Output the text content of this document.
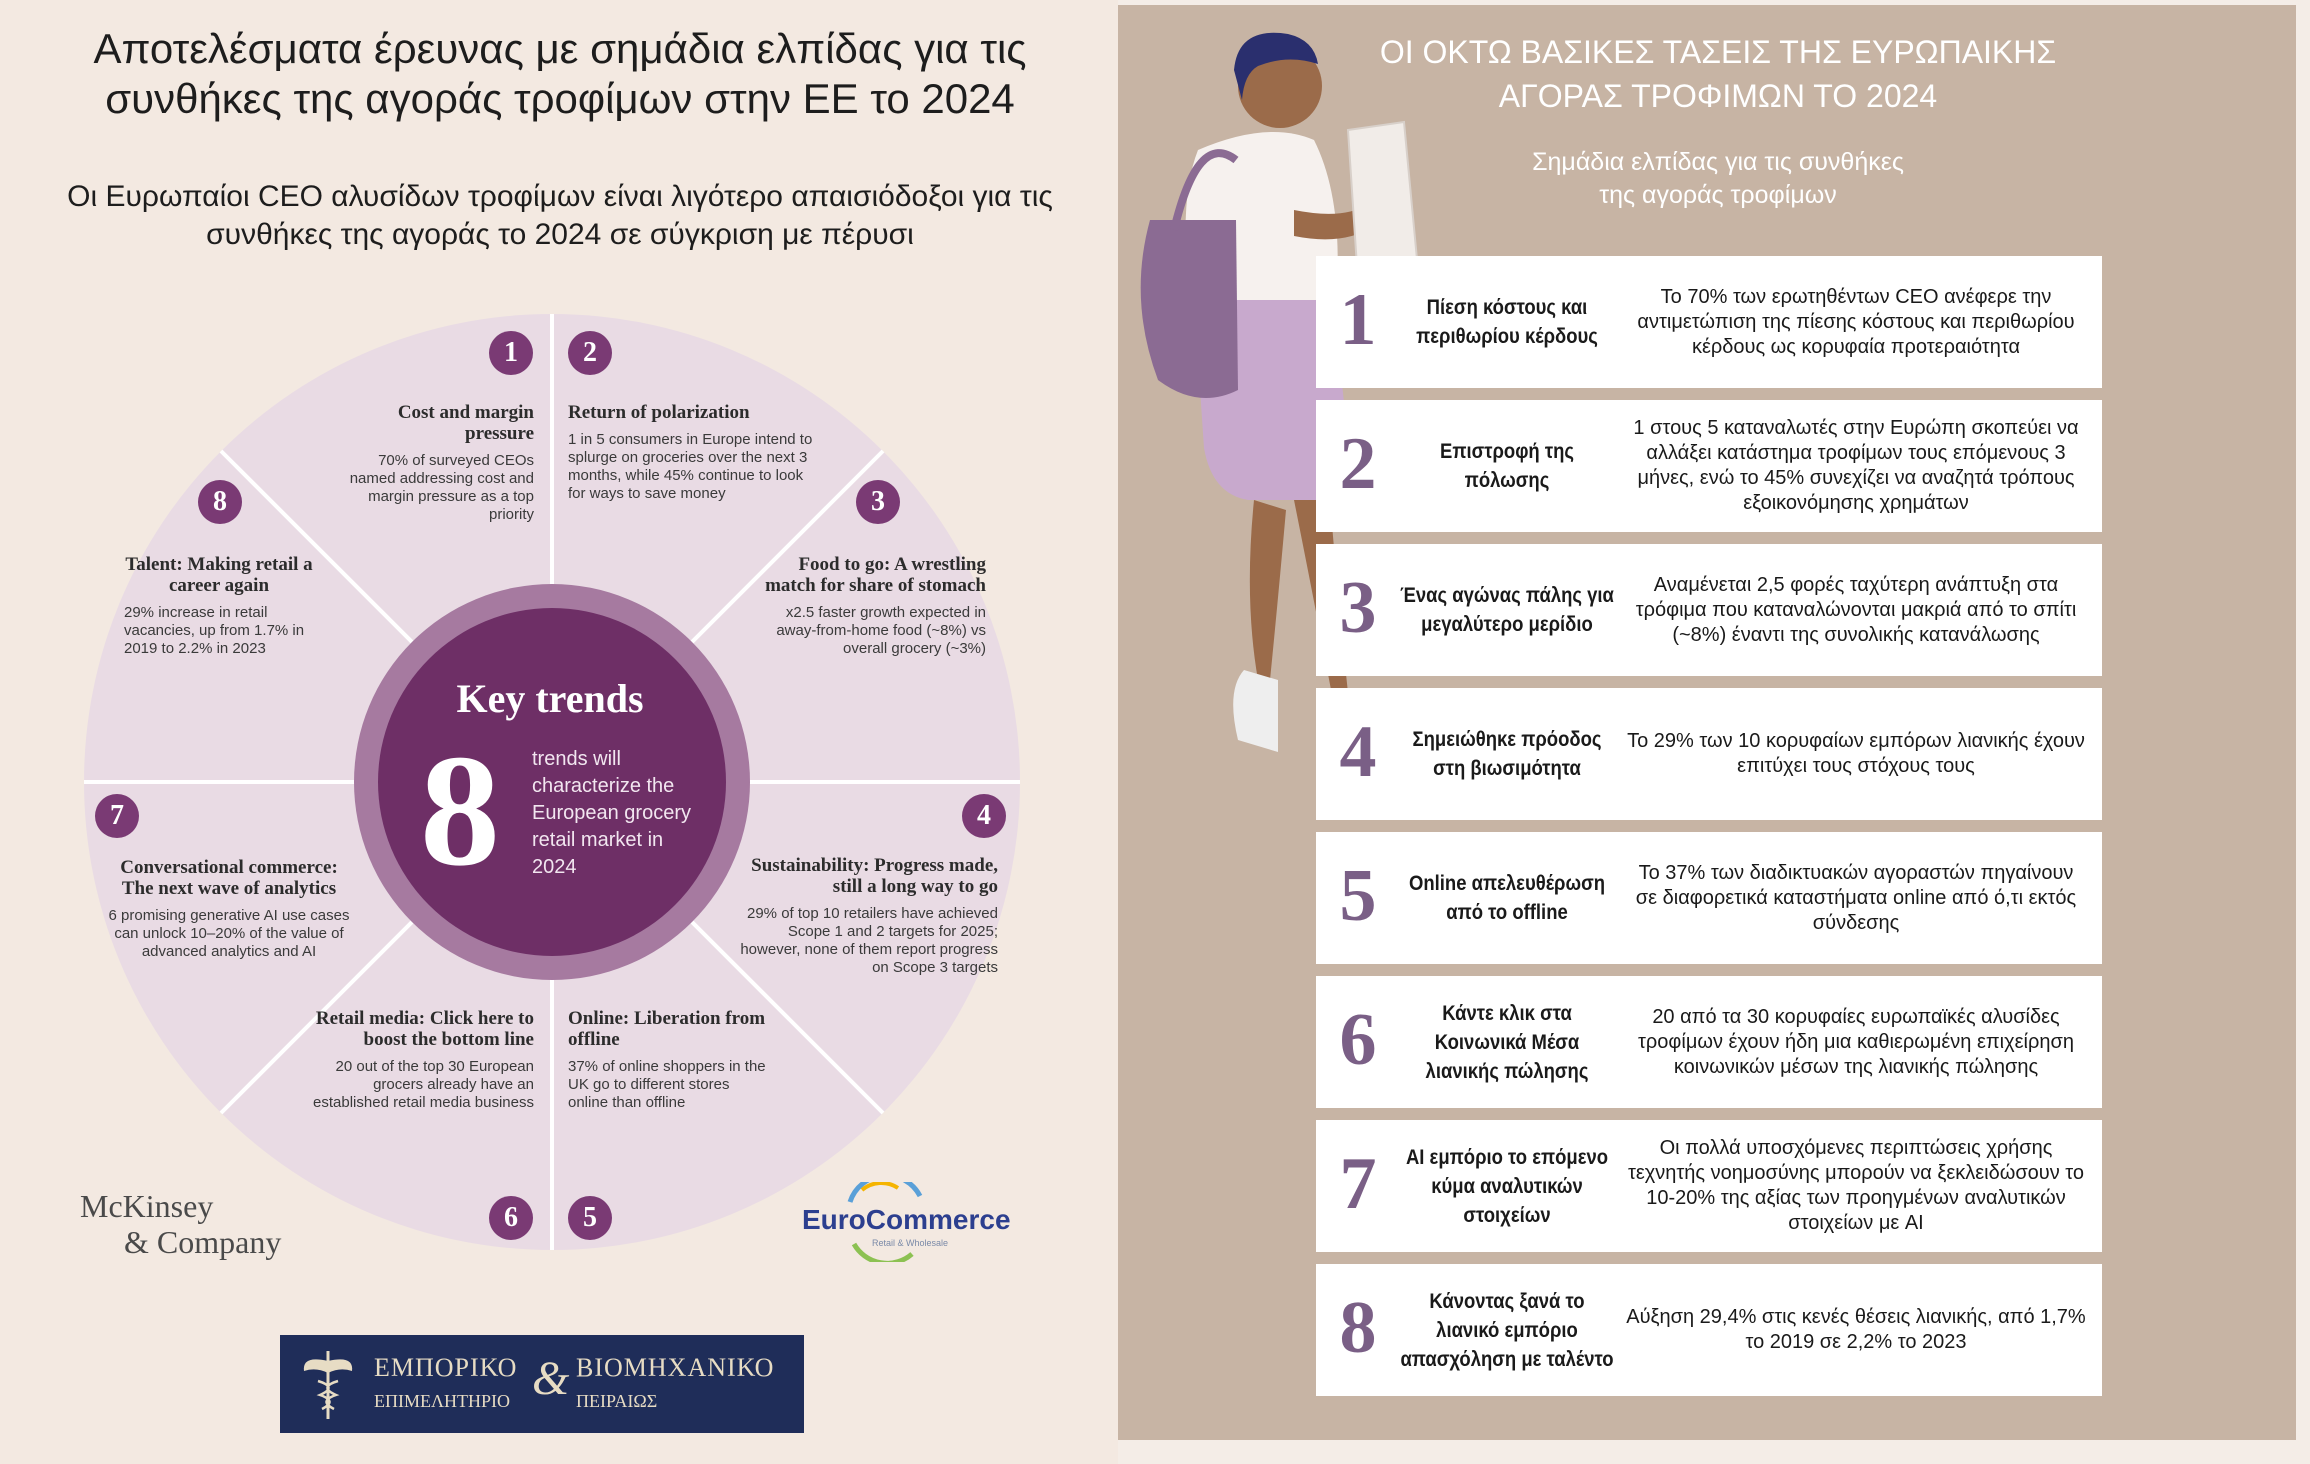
Αποτελέσματα έρευνας με σημάδια ελπίδας για τις συνθήκες της αγοράς τροφίμων στην ΕΕ το 2024
Οι Ευρωπαίοι CEO αλυσίδων τροφίμων είναι λιγότερο απαισιόδοξοι για τις συνθήκες της αγοράς το 2024 σε σύγκριση με πέρυσι
Key trends
8 trends will characterize the European grocery retail market in 2024
1	2
3
4
5
6
7
8
Cost and margin pressure
70% of surveyed CEOs named addressing cost and margin pressure as a top priority
Return of polarization
1 in 5 consumers in Europe intend to splurge on groceries over the next 3 months, while 45% continue to look for ways to save money
Food to go: A wrestling match for share of stomach
x2.5 faster growth expected in away-from-home food (~8%) vs overall grocery (~3%)
Sustainability: Progress made, still a long way to go
29% of top 10 retailers have achieved Scope 1 and 2 targets for 2025; however, none of them report progress on Scope 3 targets
Online: Liberation from offline
37% of online shoppers in the UK go to different stores online than offline
Retail media: Click here to boost the bottom line
20 out of the top 30 European grocers already have an established retail media business
Conversational commerce: The next wave of analytics
6 promising generative AI use cases can unlock 10–20% of the value of advanced analytics and AI
Talent: Making retail a career again
29% increase in retail vacancies, up from 1.7% in 2019 to 2.2% in 2023
McKinsey
& Company
EuroCommerce
Retail & Wholesale
ΕΜΠΟΡΙΚΟ
ΕΠΙΜΕΛΗΤΗΡΙΟ & ΒΙΟΜΗΧΑΝΙΚΟ
ΠΕΙΡΑΙΩΣ
ΟΙ ΟΚΤΩ ΒΑΣΙΚΕΣ ΤΑΣΕΙΣ ΤΗΣ ΕΥΡΩΠΑΙΚΗΣ
ΑΓΟΡΑΣ ΤΡΟΦΙΜΩΝ ΤΟ 2024
Σημάδια ελπίδας για τις συνθήκες
της αγοράς τροφίμων
1	Πίεση κόστους και περιθωρίου κέρδους
Το 70% των ερωτηθέντων CEO ανέφερε την αντιμετώπιση της πίεσης κόστους και περιθωρίου κέρδους ως κορυφαία προτεραιότητα
2	Επιστροφή της πόλωσης
1 στους 5 καταναλωτές στην Ευρώπη σκοπεύει να αλλάξει κατάστημα τροφίμων τους επόμενους 3 μήνες, ενώ το 45% συνεχίζει να αναζητά τρόπους εξοικονόμησης χρημάτων
3	Ένας αγώνας πάλης για μεγαλύτερο μερίδιο
Αναμένεται 2,5 φορές ταχύτερη ανάπτυξη στα τρόφιμα που καταναλώνονται μακριά από το σπίτι (~8%) έναντι της συνολικής κατανάλωσης
4	Σημειώθηκε πρόοδος στη βιωσιμότητα
Το 29% των 10 κορυφαίων εμπόρων λιανικής έχουν επιτύχει τους στόχους τους
5	Online απελευθέρωση από το offline
Το 37% των διαδικτυακών αγοραστών πηγαίνουν σε διαφορετικά καταστήματα online από ό,τι εκτός σύνδεσης
6	Κάντε κλικ στα Κοινωνικά Μέσα λιανικής πώλησης
20 από τα 30 κορυφαίες ευρωπαϊκές αλυσίδες τροφίμων έχουν ήδη μια καθιερωμένη επιχείρηση κοινωνικών μέσων της λιανικής πώλησης
7	AI εμπόριο το επόμενο κύμα αναλυτικών στοιχείων
Οι πολλά υποσχόμενες περιπτώσεις χρήσης τεχνητής νοημοσύνης μπορούν να ξεκλειδώσουν το 10-20% της αξίας των προηγμένων αναλυτικών στοιχείων με AI
8	Κάνοντας ξανά το λιανικό εμπόριο απασχόληση με ταλέντο
Αύξηση 29,4% στις κενές θέσεις λιανικής, από 1,7% το 2019 σε 2,2% το 2023
